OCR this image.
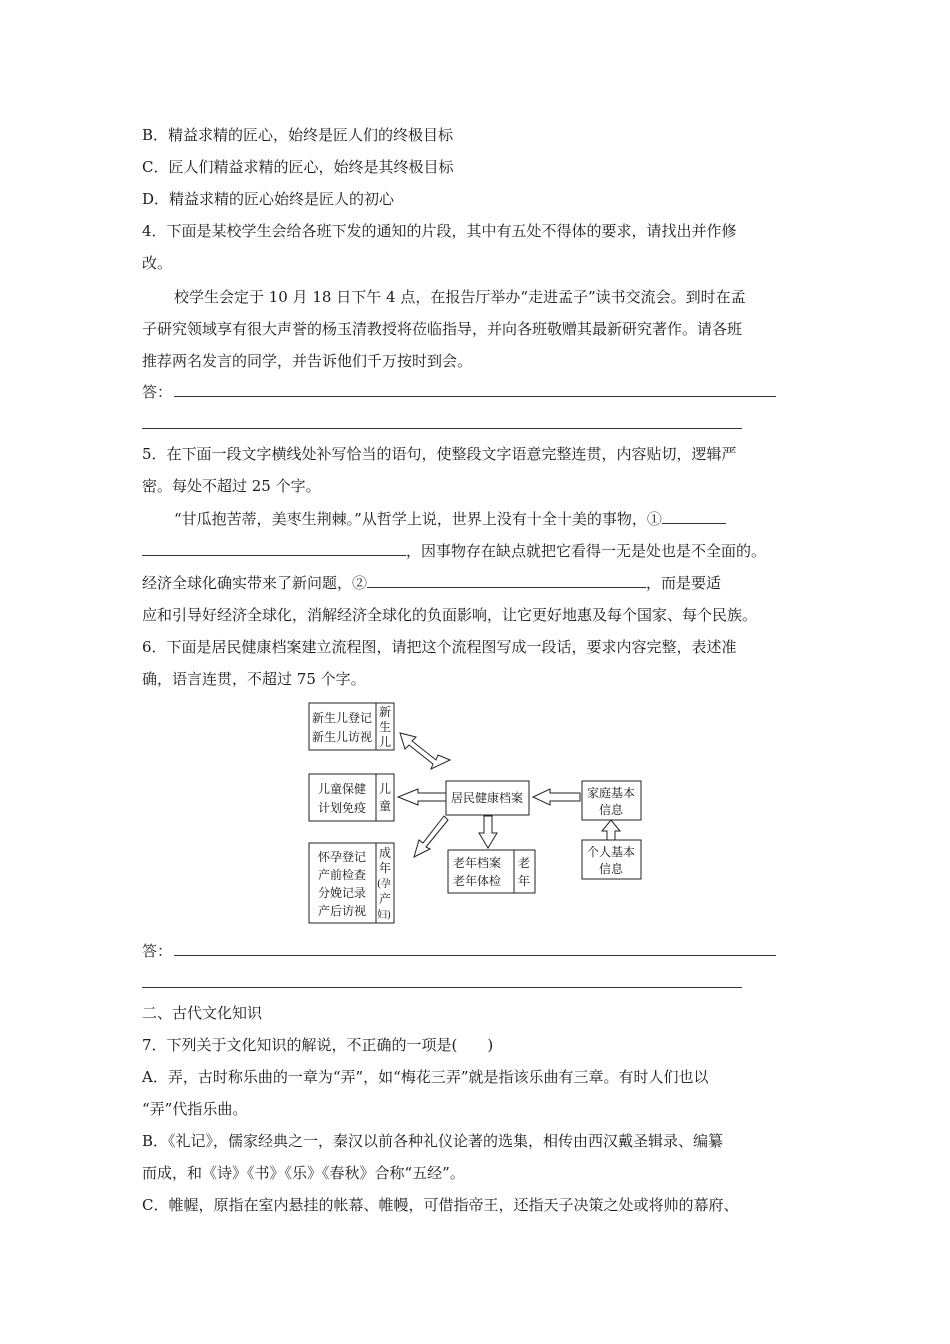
B．精益求精的匠心，始终是匠人们的终极目标
C．匠人们精益求精的匠心，始终是其终极目标
D．精益求精的匠心始终是匠人的初心
4．下面是某校学生会给各班下发的通知的片段，其中有五处不得体的要求，请找出并作修
改。
校学生会定于 10 月 18 日下午 4 点，在报告厅举办“走进孟子”读书交流会。到时在孟
子研究领域享有很大声誉的杨玉清教授将莅临指导，并向各班敬赠其最新研究著作。请各班
推荐两名发言的同学，并告诉他们千万按时到会。
答：
5．在下面一段文字横线处补写恰当的语句，使整段文字语意完整连贯，内容贴切，逻辑严
密。每处不超过 25 个字。
“甘瓜抱苦蒂，美枣生荆棘。”从哲学上说，世界上没有十全十美的事物，①
，因事物存在缺点就把它看得一无是处也是不全面的。
经济全球化确实带来了新问题，②	，而是要适
应和引导好经济全球化，消解经济全球化的负面影响，让它更好地惠及每个国家、每个民族。
6．下面是居民健康档案建立流程图，请把这个流程图写成一段话，要求内容完整，表述准
确，语言连贯，不超过 75 个字。
新生儿登记
新生儿访视
新
生
儿
儿童保健
计划免疫
儿
童
怀孕登记
产前检查
分娩记录
产后访视
成
年
(孕
产
妇)
居民健康档案
老年档案
老年体检
老
年
家庭基本
信息
个人基本
信息
答：
二、古代文化知识
7．下列关于文化知识的解说，不正确的一项是(　　)
A．弄，古时称乐曲的一章为“弄”，如“梅花三弄”就是指该乐曲有三章。有时人们也以
“弄”代指乐曲。
B．《礼记》，儒家经典之一，秦汉以前各种礼仪论著的选集，相传由西汉戴圣辑录、编纂
而成，和《诗》《书》《乐》《春秋》合称“五经”。
C．帷幄，原指在室内悬挂的帐幕、帷幔，可借指帝王，还指天子决策之处或将帅的幕府、
